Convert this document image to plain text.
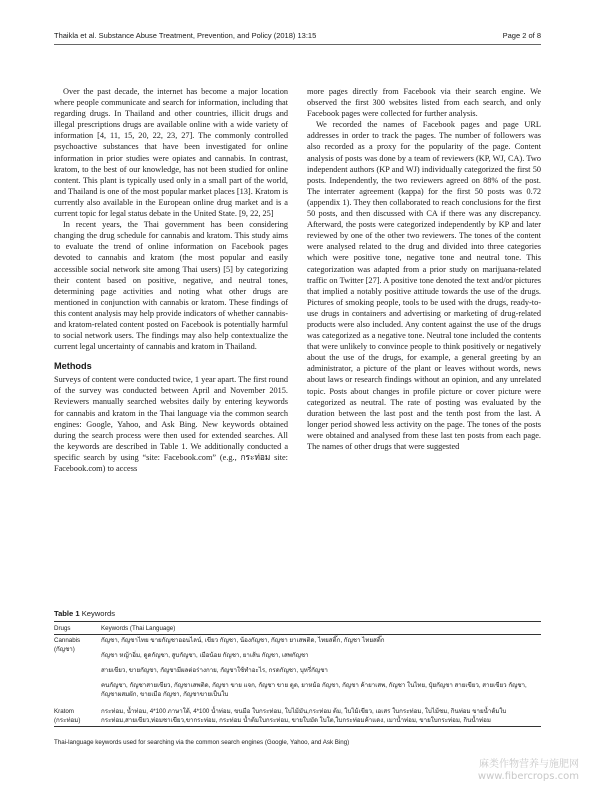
Thaikla et al. Substance Abuse Treatment, Prevention, and Policy (2018) 13:15	Page 2 of 8

Over the past decade, the internet has become a major location where people communicate and search for information, including that regarding drugs. In Thailand and other countries, illicit drugs and illegal prescriptions drugs are available online with a wide variety of information [4, 11, 15, 20, 22, 23, 27]. The commonly controlled psychoactive substances that have been investigated for online information in prior studies were opiates and cannabis. In contrast, kratom, to the best of our knowledge, has not been studied for online content. This plant is typically used only in a small part of the world, and Thailand is one of the most popular market places [13]. Kratom is currently also available in the European online drug market and is a current topic for legal status debate in the United State. [9, 22, 25]

In recent years, the Thai government has been considering changing the drug schedule for cannabis and kratom. This study aims to evaluate the trend of online information on Facebook pages devoted to cannabis and kratom (the most popular and easily accessible social network site among Thai users) [5] by categorizing their content based on positive, negative, and neutral tones, determining page activities and noting what other drugs are mentioned in conjunction with cannabis or kratom. These findings of this content analysis may help provide indicators of whether cannabis- and kratom-related content posted on Facebook is potentially harmful to social network users. The findings may also help contextualize the current legal uncertainty of cannabis and kratom in Thailand.

Methods

Surveys of content were conducted twice, 1 year apart. The first round of the survey was conducted between April and November 2015. Reviewers manually searched websites daily by entering keywords for cannabis and kratom in the Thai language via the common search engines: Google, Yahoo, and Ask Bing. New keywords obtained during the search process were then used for extended searches. All the keywords are described in Table 1. We additionally conducted a specific search by using “site: Facebook.com” (e.g., กระท่อม site: Facebook.com) to access

more pages directly from Facebook via their search engine. We observed the first 300 websites listed from each search, and only Facebook pages were collected for further analysis.

We recorded the names of Facebook pages and page URL addresses in order to track the pages. The number of followers was also recorded as a proxy for the popularity of the page. Content analysis of posts was done by a team of reviewers (KP, WJ, CA). Two independent authors (KP and WJ) individually categorized the first 50 posts. Independently, the two reviewers agreed on 88% of the post. The interrater agreement (kappa) for the first 50 posts was 0.72 (appendix 1). They then collaborated to reach conclusions for the first 50 posts, and then discussed with CA if there was any discrepancy. Afterward, the posts were categorized independently by KP and later reviewed by one of the other two reviewers. The tones of the content were analysed related to the drug and divided into three categories which were positive tone, negative tone and neutral tone. This categorization was adapted from a prior study on marijuana-related traffic on Twitter [27]. A positive tone denoted the text and/or pictures that implied a notably positive attitude towards the use of the drugs. Pictures of smoking people, tools to be used with the drugs, ready-to-use drugs in containers and advertising or marketing of drug-related products were also included. Any content against the use of the drugs was categorized as a negative tone. Neutral tone included the contents that were unlikely to convince people to think positively or negatively about the use of the drugs, for example, a general greeting by an administrator, a picture of the plant or leaves without words, news about laws or research findings without an opinion, and any unrelated topic. Posts about changes in profile picture or cover picture were categorized as neutral. The rate of posting was evaluated by the duration between the last post and the tenth post from the last. A longer period showed less activity on the page. The tones of the posts were obtained and analysed from these last ten posts from each page. The names of other drugs that were suggested

Table 1 Keywords
Drugs	Keywords (Thai Language)
Cannabis (กัญชา)
กัญชา, กัญชาไทย ขายกัญชาออนไลน์, เขียว กัญชา, น้องกัญชา, กัญชา ยาเสพติด, ไทยสติ๊ก, กัญชา ไทยสติ๊ก
กัญชา หญ้าอิ่ม, ดูดกัญชา, สูบกัญชา, เมือน้อย กัญชา, ยาเส้น กัญชา, เสพกัญชา
สายเขียว, ขายกัญชา, กัญชามีผลต่อร่างกาย, กัญชาใช้ทำอะไร, กรดกัญชา, บุหรี่กัญชา
คนกัญชา, กัญชาสายเขียว, กัญชาเสพติด, กัญชา ขาย แจก, กัญชา ขาย ดูด, ยาหม้อ กัญชา, กัญชา ค้ายาเสพ, กัญชา ในไทย, ปุ๋ยกัญชา สายเขียว, สายเขียว กัญชา, กัญชาผสมผัก, ขายเมือ กัญชา, กัญชาขายเป็นใบ
Kratom (กระท่อม)
กระท่อม, น้ำท่อม, 4*100 ภาษาใต้, 4*100 น้ำท่อม, ขนมือ ใบกระท่อม, ใบไม้มัน,กระท่อม ต้ม, ใบไม้เขียว, เอเสร ใบกระท่อม, ใบไม้ชม, กินท่อม ขายน้ำต้มใบกระท่อม,สายเขียว,ท่อมชาเขียว,ขากระท่อม, กระท่อม น้ำต้มใบกระท่อม, ขายใบมัด ใบใต,ใบกระท่อมค้าแดง, เมาน้ำท่อม, ขายใบกระท่อม, กินน้ำท่อม
Thai-language keywords used for searching via the common search engines (Google, Yahoo, and Ask Bing)
麻类作物营养与施肥网
www.fibercrops.com
